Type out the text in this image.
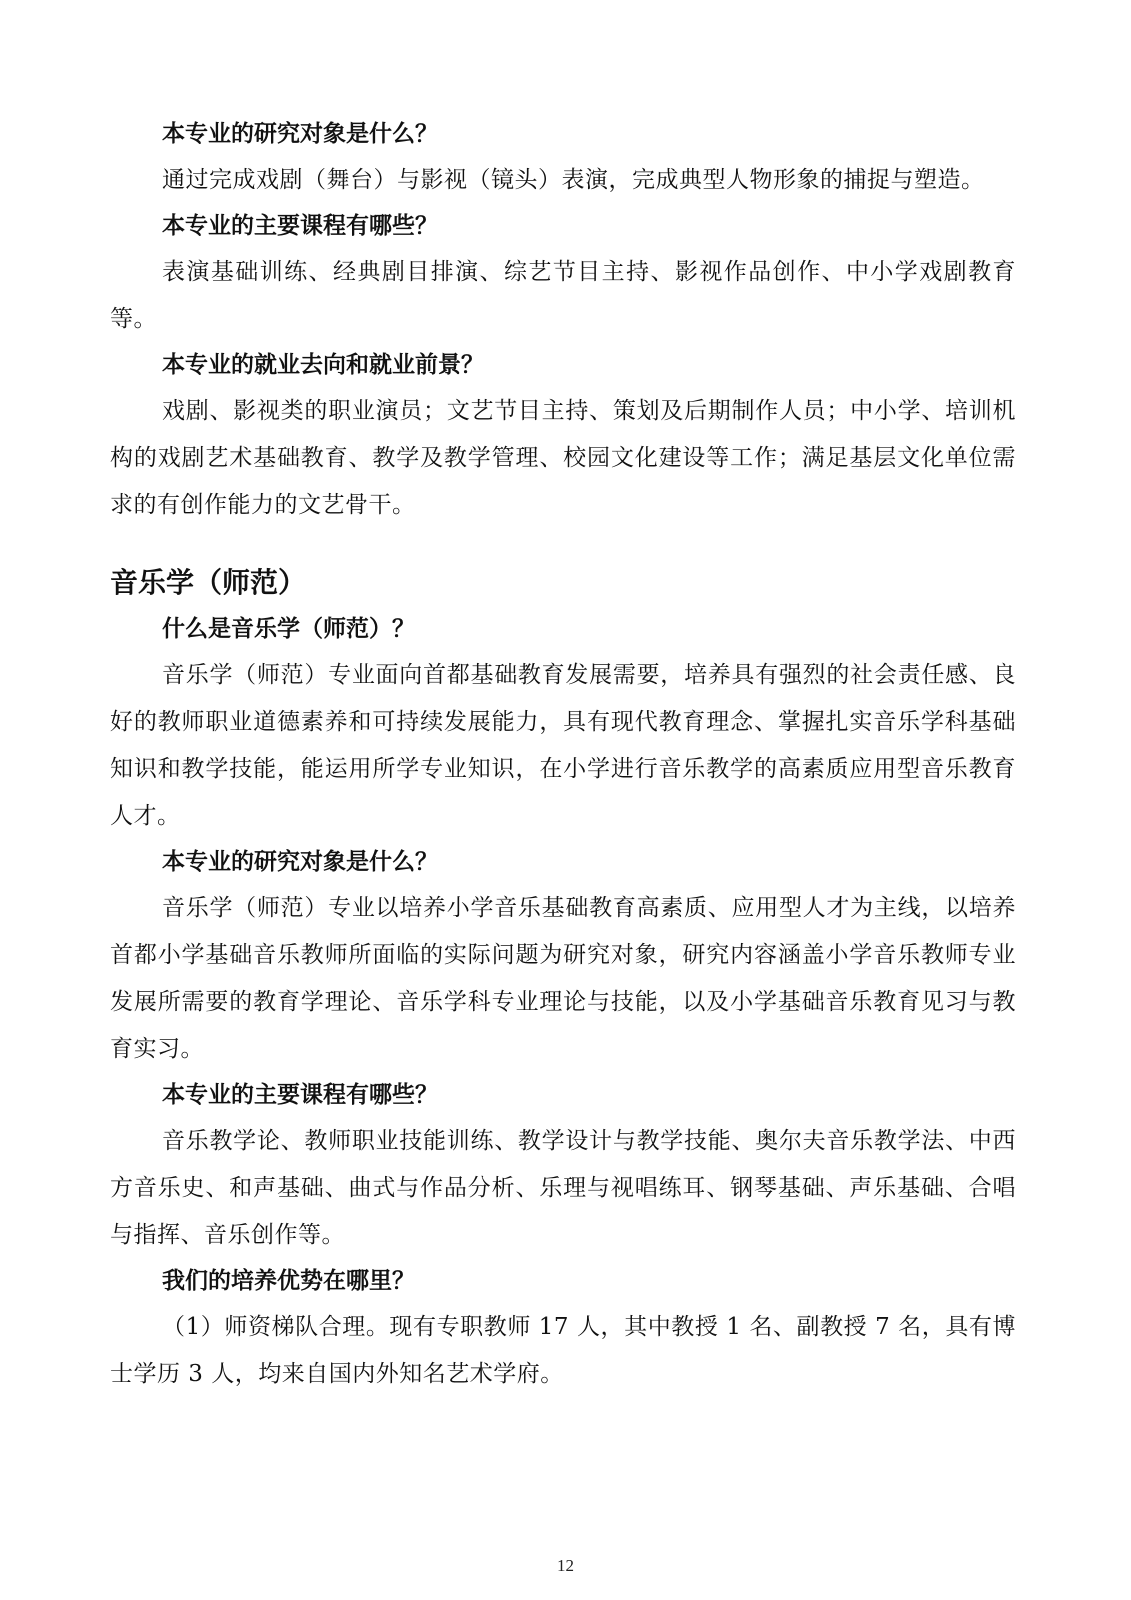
本专业的研究对象是什么？

通过完成戏剧（舞台）与影视（镜头）表演，完成典型人物形象的捕捉与塑造。

本专业的主要课程有哪些？

表演基础训练、经典剧目排演、综艺节目主持、影视作品创作、中小学戏剧教育等。

本专业的就业去向和就业前景？

戏剧、影视类的职业演员；文艺节目主持、策划及后期制作人员；中小学、培训机构的戏剧艺术基础教育、教学及教学管理、校园文化建设等工作；满足基层文化单位需求的有创作能力的文艺骨干。

音乐学（师范）

什么是音乐学（师范）？

音乐学（师范）专业面向首都基础教育发展需要，培养具有强烈的社会责任感、良好的教师职业道德素养和可持续发展能力，具有现代教育理念、掌握扎实音乐学科基础知识和教学技能，能运用所学专业知识，在小学进行音乐教学的高素质应用型音乐教育人才。

本专业的研究对象是什么？

音乐学（师范）专业以培养小学音乐基础教育高素质、应用型人才为主线，以培养首都小学基础音乐教师所面临的实际问题为研究对象，研究内容涵盖小学音乐教师专业发展所需要的教育学理论、音乐学科专业理论与技能，以及小学基础音乐教育见习与教育实习。

本专业的主要课程有哪些？

音乐教学论、教师职业技能训练、教学设计与教学技能、奥尔夫音乐教学法、中西方音乐史、和声基础、曲式与作品分析、乐理与视唱练耳、钢琴基础、声乐基础、合唱与指挥、音乐创作等。

我们的培养优势在哪里？

（1）师资梯队合理。现有专职教师 17 人，其中教授 1 名、副教授 7 名，具有博士学历 3 人，均来自国内外知名艺术学府。

12
